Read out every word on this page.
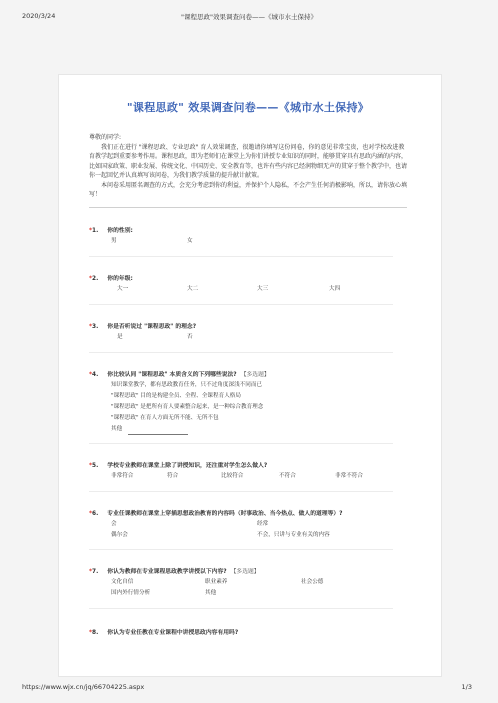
2020/3/24	"课程思政"效果调查问卷——《城市水土保持》
"课程思政" 效果调查问卷——《城市水土保持》

尊敬的同学:

我们正在进行 "课程思政、专业思政" 育人效果调查，很邀请你填写这份问卷，你的意见非常宝贵，也对学校改进教育教学起到重要参考作用。课程思政，即为老师们在课堂上为你们讲授专业知识的同时，能够贯穿具有思政内涵的内容，比如国家政策、职业发展、传统文化、中国历史、安全教育等，也许有些内容已经润物细无声的贯穿于整个教学中，也请你一起回忆并认真填写该问卷，为我们教学质量的提升献计献策。

本问卷采用匿名调查的方式，会充分考虑到你的利益，并保护个人隐私，不会产生任何消极影响，所以，请你放心填写！

*1. 你的性别:
男	女
*2. 你的年级:
大一	大二	大三	大四
*3. 你是否听说过 "课程思政" 的理念?
是	否
*4. 你比较认同 "课程思政" 本质含义的下列哪些说法? 【多选题】
知识课堂教学，都有思政教育任务，只不过角度深浅不同而已
"课程思政" 目的是构建全员、全程、全课程育人格局
"课程思政" 是把所有育人要素整合起来，是一种综合教育理念
"课程思政" 在育人方面无所不能、无所不包
其他
*5. 学校专业教师在课堂上除了讲授知识，还注重对学生怎么做人?
非常符合	符合	比较符合	不符合	非常不符合
*6. 专业任课教师在课堂上穿插思想政治教育的内容吗（时事政治、当今热点、做人的道理等）?
会	经常
偶尔会	不会，只讲与专业有关的内容
*7. 你认为教师在专业课程思政教学讲授以下内容? 【多选题】
文化自信	职业素养	社会公德
国内外行情分析	其他
*8. 你认为专业任教在专业课程中讲授思政内容有用吗?
https://www.wjx.cn/jq/66704225.aspx	1/3
